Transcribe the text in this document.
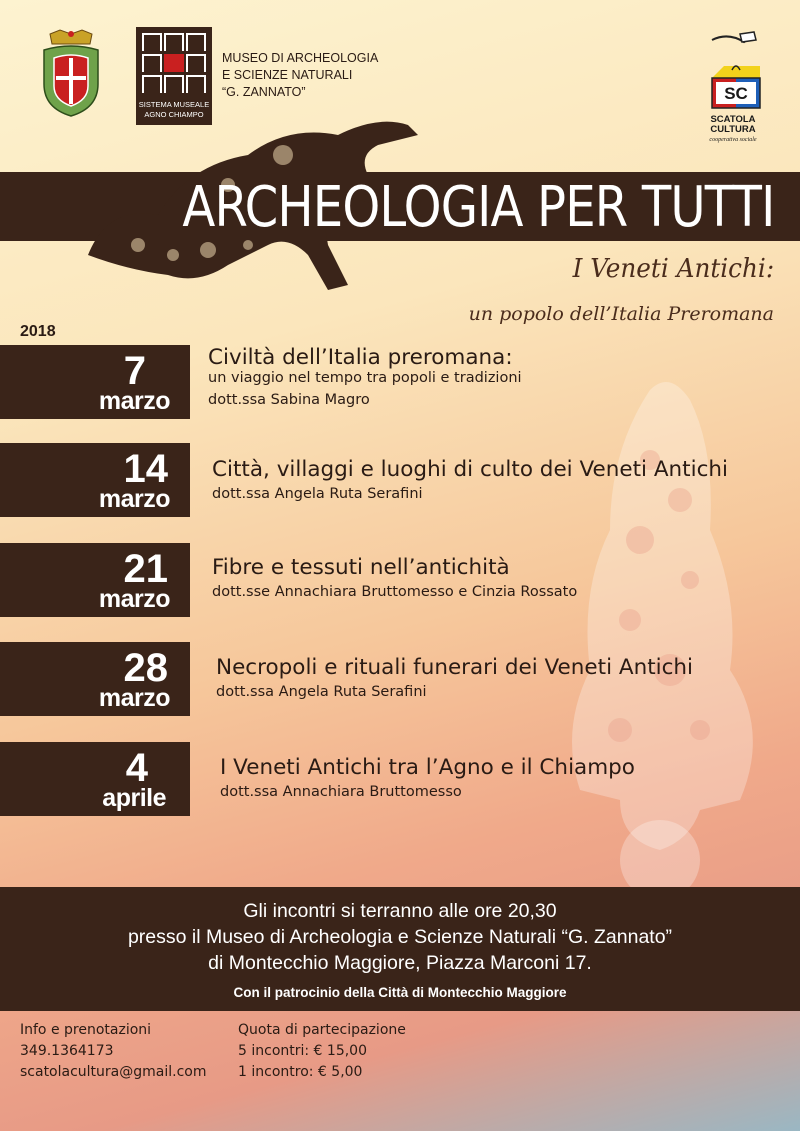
SISTEMA MUSEALE
AGNO CHIAMPO
MUSEO DI ARCHEOLOGIA
E SCIENZE NATURALI
“G. ZANNATO”	SC
SCATOLA
CULTURA
cooperativa sociale
ARCHEOLOGIA PER TUTTI
I Veneti Antichi:
un popolo dell’Italia Preromana
2018
7
marzo
Civiltà dell’Italia preromana:
un viaggio nel tempo tra popoli e tradizioni
dott.ssa Sabina Magro
14
marzo
Città, villaggi e luoghi di culto dei Veneti Antichi
dott.ssa Angela Ruta Serafini
21
marzo
Fibre e tessuti nell’antichità
dott.sse Annachiara Bruttomesso e Cinzia Rossato
28
marzo
Necropoli e rituali funerari dei Veneti Antichi
dott.ssa Angela Ruta Serafini
4
aprile
I Veneti Antichi tra l’Agno e il Chiampo
dott.ssa Annachiara Bruttomesso
Gli incontri si terranno alle ore 20,30
presso il Museo di Archeologia e Scienze Naturali “G. Zannato”
di Montecchio Maggiore, Piazza Marconi 17.
Con il patrocinio della Città di Montecchio Maggiore
Info e prenotazioni
349.1364173
scatolacultura@gmail.com
Quota di partecipazione
5 incontri: € 15,00
1 incontro: € 5,00
